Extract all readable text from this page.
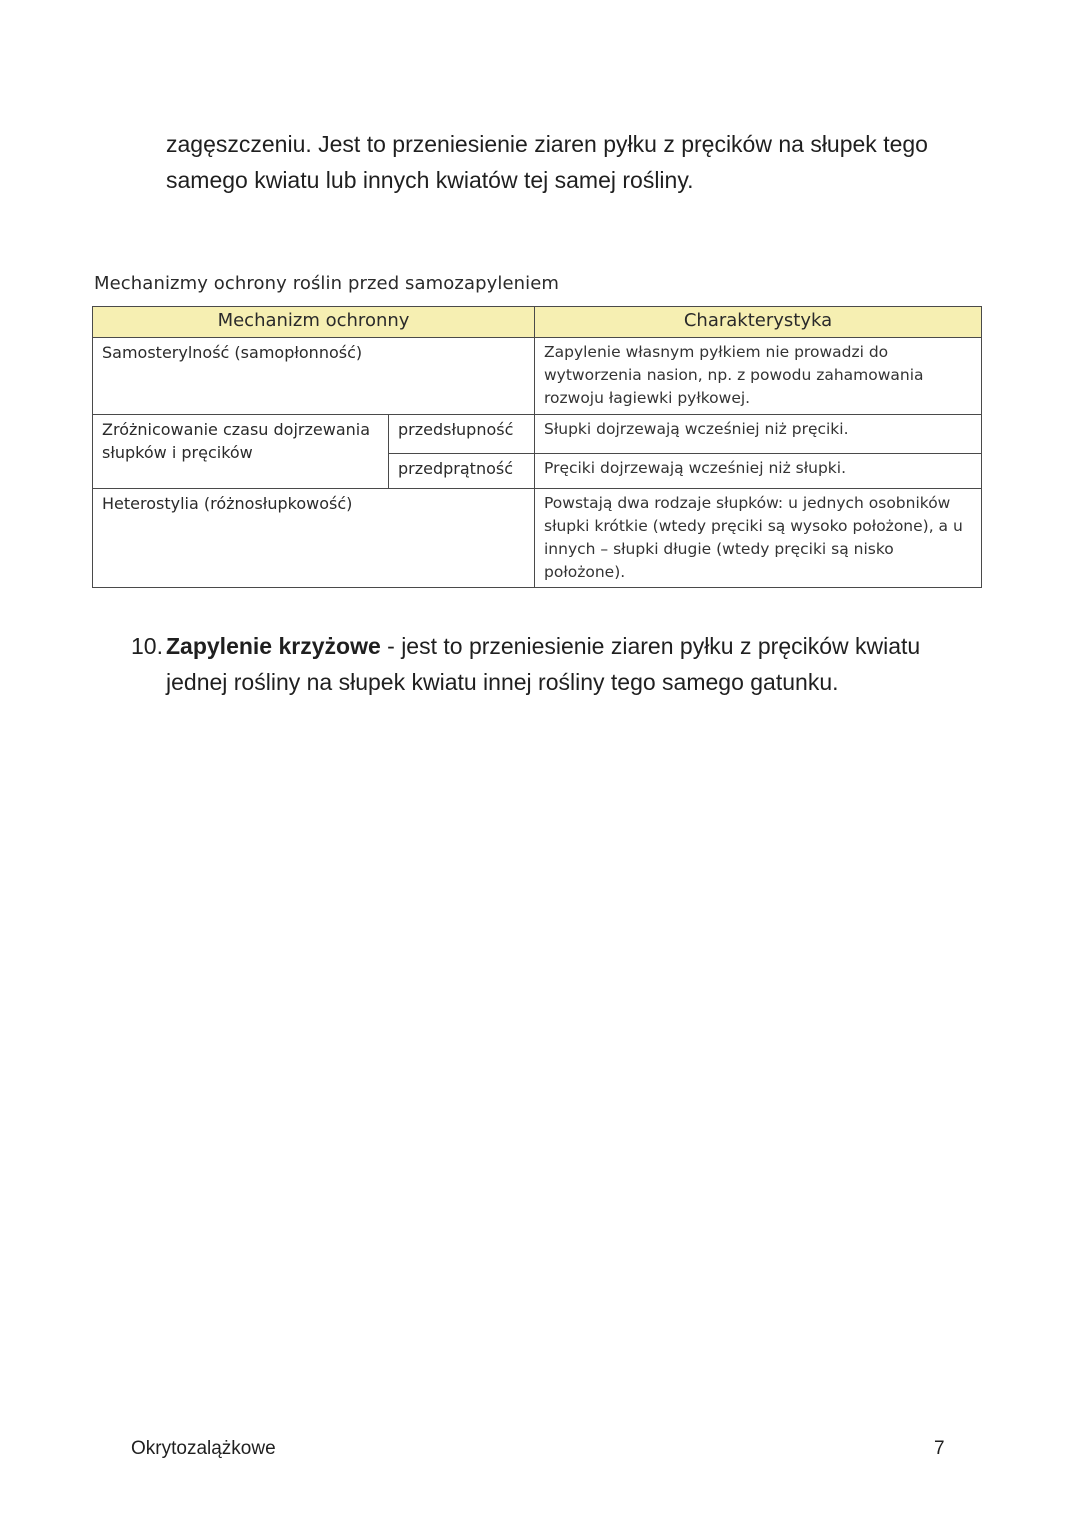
zagęszczeniu. Jest to przeniesienie ziaren pyłku z pręcików na słupek tego
samego kwiatu lub innych kwiatów tej samej rośliny.

Mechanizmy ochrony roślin przed samozapyleniem
Mechanizm ochronny		Charakterystyka
Samosterylność (samopłonność)		Zapylenie własnym pyłkiem nie prowadzi do wytworzenia nasion, np. z powodu zahamowania rozwoju łagiewki pyłkowej.
Zróżnicowanie czasu dojrzewania słupków i pręcików	przedsłupność	Słupki dojrzewają wcześniej niż pręciki.
	przedprątność	Pręciki dojrzewają wcześniej niż słupki.
Heterostylia (różnosłupkowość)		Powstają dwa rodzaje słupków: u jednych osobników słupki krótkie (wtedy pręciki są wysoko położone), a u innych – słupki długie (wtedy pręciki są nisko położone).

10. Zapylenie krzyżowe - jest to przeniesienie ziaren pyłku z pręcików kwiatu
jednej rośliny na słupek kwiatu innej rośliny tego samego gatunku.

Okrytozalążkowe	7
